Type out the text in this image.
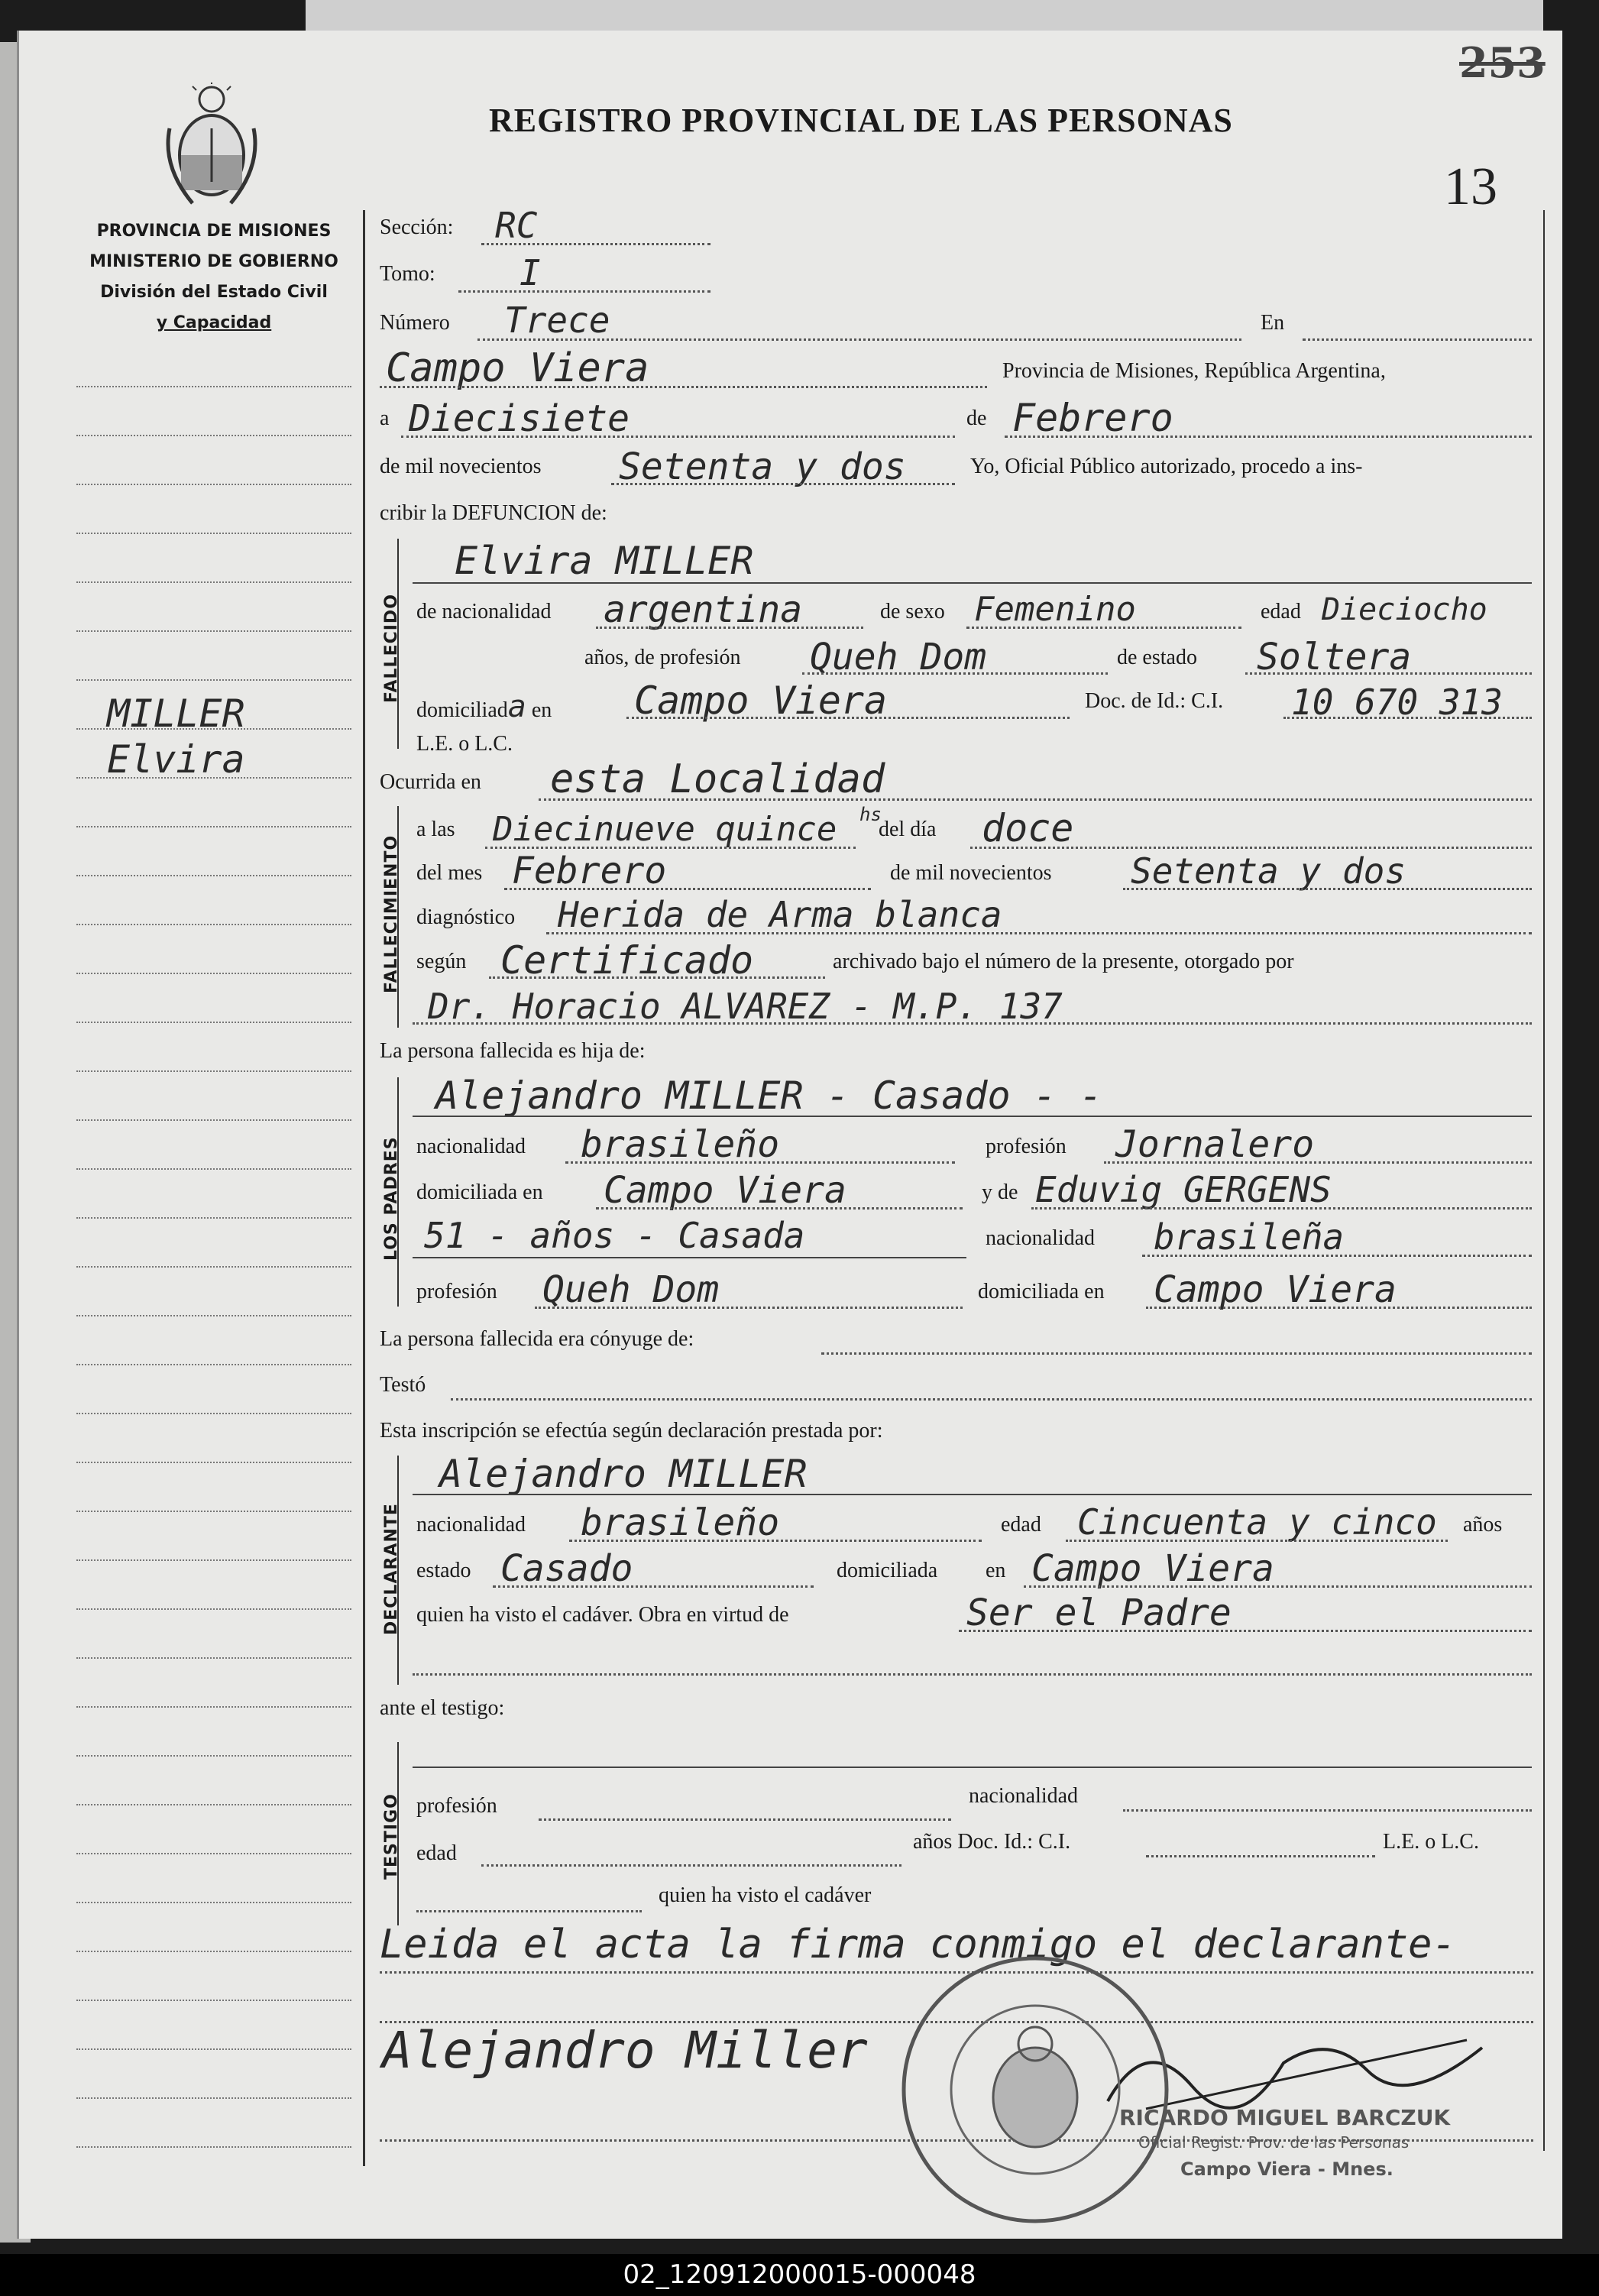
253
13
PROVINCIA DE MISIONES
MINISTERIO DE GOBIERNO
División del Estado Civil
y Capacidad
REGISTRO PROVINCIAL DE LAS PERSONAS
MILLER
Elvira
Sección: RC
Tomo: I
Número Trece	En
Campo Viera	Provincia de Misiones, República Argentina,
a Diecisiete	de Febrero
de mil novecientos Setenta y dos	Yo, Oficial Público autorizado, procedo a ins-
cribir la DEFUNCION de:
FALLECIDO
Elvira MILLER
de nacionalidad argentina	de sexo Femenino	edad Dieciocho
años, de profesión Queh Dom	de estado Soltera
domiciliada en Campo Viera	Doc. de Id.: C.I. 10 670 313
L.E. o L.C.
Ocurrida en esta Localidad
FALLECIMIENTO
a las Diecinueve quince hs
del día doce
del mes Febrero	de mil novecientos Setenta y dos
diagnóstico Herida de Arma blanca
según Certificado	archivado bajo el número de la presente, otorgado por
Dr. Horacio ALVAREZ - M.P. 137
La persona fallecida es hija de:
LOS PADRES
Alejandro MILLER - Casado - -
nacionalidad brasileño	profesión Jornalero
domiciliada en Campo Viera	y de Eduvig GERGENS
51 - años - Casada	nacionalidad brasileña
profesión Queh Dom	domiciliada en Campo Viera
La persona fallecida era cónyuge de:
Testó
Esta inscripción se efectúa según declaración prestada por:
DECLARANTE
Alejandro MILLER
nacionalidad brasileño	edad Cincuenta y cinco años
estado Casado	domiciliada en Campo Viera
quien ha visto el cadáver. Obra en virtud de	Ser el Padre
ante el testigo:
TESTIGO profesión	nacionalidad
edad	años Doc. Id.: C.I.	L.E. o L.C.
quien ha visto el cadáver
Leida el acta la firma conmigo el declarante-
Alejandro Miller
RICARDO MIGUEL BARCZUK
Oficial Regist. Prov. de las Personas
Campo Viera - Mnes.
02_120912000015-000048
